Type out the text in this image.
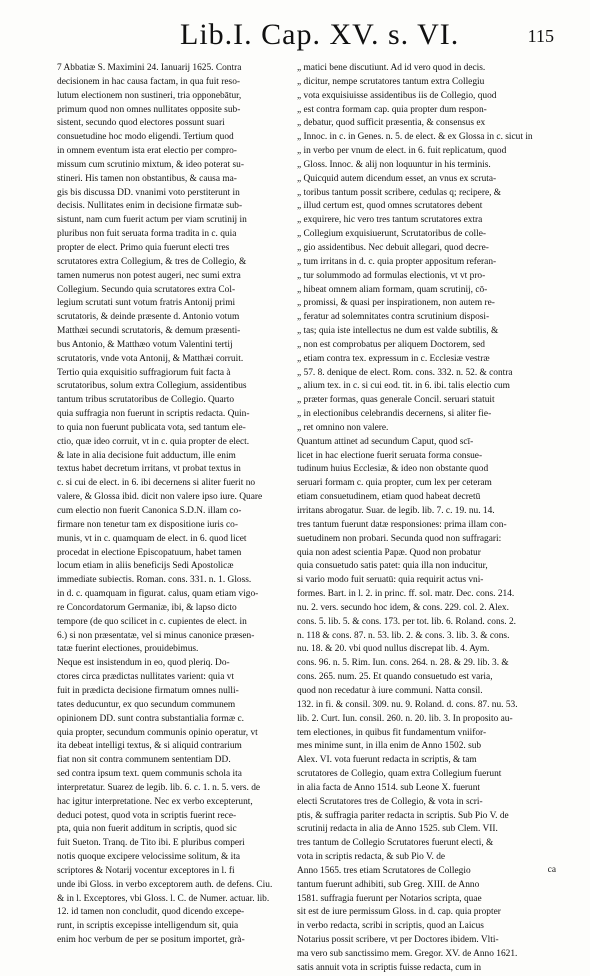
Lib.I. Cap. XV. s. VI.	115
7 Abbatiæ S. Maximini 24. Ianuarij 1625. Contra
decisionem in hac causa factam, in qua fuit reso-
lutum electionem non sustineri, tria opponebātur,
primum quod non omnes nullitates opposite sub-
sistent, secundo quod electores possunt suari
consuetudine hoc modo eligendi. Tertium quod
in omnem eventum ista erat electio per compro-
missum cum scrutinio mixtum, & ideo poterat su-
stineri. His tamen non obstantibus, & causa ma-
gis bis discussa DD. vnanimi voto perstiterunt in
decisis. Nullitates enim in decisione firmatæ sub-
sistunt, nam cum fuerit actum per viam scrutinij in
pluribus non fuit seruata forma tradita in c. quia
propter de elect. Primo quia fuerunt electi tres
scrutatores extra Collegium, & tres de Collegio, &
tamen numerus non potest augeri, nec sumi extra
Collegium. Secundo quia scrutatores extra Col-
legium scrutati sunt votum fratris Antonij primi
scrutatoris, & deinde præsente d. Antonio votum
Matthæi secundi scrutatoris, & demum præsenti-
bus Antonio, & Matthæo votum Valentini tertij
scrutatoris, vnde vota Antonij, & Matthæi corruit.
Tertio quia exquisitio suffragiorum fuit facta à
scrutatoribus, solum extra Collegium, assidentibus
tantum tribus scrutatoribus de Collegio. Quarto
quia suffragia non fuerunt in scriptis redacta. Quin-
to quia non fuerunt publicata vota, sed tantum ele-
ctio, quæ ideo corruit, vt in c. quia propter de elect.
& late in alia decisione fuit adductum, ille enim
textus habet decretum irritans, vt probat textus in
c. si cui de elect. in 6. ibi decernens si aliter fuerit no
valere, & Glossa ibid. dicit non valere ipso iure. Quare
cum electio non fuerit Canonica S.D.N. illam co-
firmare non tenetur tam ex dispositione iuris co-
munis, vt in c. quamquam de elect. in 6. quod licet
procedat in electione Episcopatuum, habet tamen
locum etiam in aliis beneficijs Sedi Apostolicæ
immediate subiectis. Roman. cons. 331. n. 1. Gloss.
in d. c. quamquam in figurat. calus, quam etiam vigo-
re Concordatorum Germaniæ, ibi, & lapso dicto
tempore (de quo scilicet in c. cupientes de elect. in
6.) si non præsentatæ, vel si minus canonice præsen-
tatæ fuerint electiones, prouidebimus.
Neque est insistendum in eo, quod pleriq. Do-
ctores circa prædictas nullitates varient: quia vt
fuit in prædicta decisione firmatum omnes nulli-
tates deducuntur, ex quo secundum communem
opinionem DD. sunt contra substantialia formæ c.
quia propter, secundum communis opinio operatur, vt
ita debeat intelligi textus, & si aliquid contrarium
fiat non sit contra communem sententiam DD.
sed contra ipsum text. quem communis schola ita
interpretatur. Suarez de legib. lib. 6. c. 1. n. 5. vers. de
hac igitur interpretatione. Nec ex verbo excepterunt,
deduci potest, quod vota in scriptis fuerint rece-
pta, quia non fuerit additum in scriptis, quod sic
fuit Sueton. Tranq. de Tito ibi. E pluribus comperi
notis quoque excipere velocissime solitum, & ita
scriptores & Notarij vocentur exceptores in l. fi
unde ibi Gloss. in verbo exceptorem auth. de defens. Ciu.
& in l. Exceptores, vbi Gloss. l. C. de Numer. actuar. lib.
12. id tamen non concludit, quod dicendo excepe-
runt, in scriptis excepisse intelligendum sit, quia
enim hoc verbum de per se positum importet, grà-
„ matici bene discutiunt. Ad id vero quod in decis.
„ dicitur, nempe scrutatores tantum extra Collegiu
„ vota exquisiuisse assidentibus iis de Collegio, quod
„ est contra formam cap. quia propter dum respon-
„ debatur, quod sufficit præsentia, & consensus ex
„ Innoc. in c. in Genes. n. 5. de elect. & ex Glossa in c. sicut in
„ in verbo per vnum de elect. in 6. fuit replicatum, quod
„ Gloss. Innoc. & alij non loquuntur in his terminis.
„ Quicquid autem dicendum esset, an vnus ex scruta-
„ toribus tantum possit scribere, cedulas q; recipere, &
„ illud certum est, quod omnes scrutatores debent
„ exquirere, hic vero tres tantum scrutatores extra
„ Collegium exquisiuerunt, Scrutatoribus de colle-
„ gio assidentibus. Nec debuit allegari, quod decre-
„ tum irritans in d. c. quia propter appositum referan-
„ tur solummodo ad formulas electionis, vt vt pro-
„ hibeat omnem aliam formam, quam scrutinij, cō-
„ promissi, & quasi per inspirationem, non autem re-
„ feratur ad solemnitates contra scrutinium disposi-
„ tas; quia iste intellectus ne dum est valde subtilis, &
„ non est comprobatus per aliquem Doctorem, sed
„ etiam contra tex. expressum in c. Ecclesiæ vestræ
„ 57. 8. denique de elect. Rom. cons. 332. n. 52. & contra
„ alium tex. in c. si cui eod. tit. in 6. ibi. talis electio cum
„ præter formas, quas generale Concil. seruari statuit
„ in electionibus celebrandis decernens, si aliter fie-
„ ret omnino non valere.
Quantum attinet ad secundum Caput, quod scī-
licet in hac electione fuerit seruata forma consue-
tudinum huius Ecclesiæ, & ideo non obstante quod
seruari formam c. quia propter, cum lex per ceteram
etiam consuetudinem, etiam quod habeat decretū
irritans abrogatur. Suar. de legib. lib. 7. c. 19. nu. 14.
tres tantum fuerunt datæ responsiones: prima illam con-
suetudinem non probari. Secunda quod non suffragari:
quia non adest scientia Papæ. Quod non probatur
quia consuetudo satis patet: quia illa non inducitur,
si vario modo fuit seruatū: quia requirit actus vni-
formes. Bart. in l. 2. in princ. ff. sol. matr. Dec. cons. 214.
nu. 2. vers. secundo hoc idem, & cons. 229. col. 2. Alex.
cons. 5. lib. 5. & cons. 173. per tot. lib. 6. Roland. cons. 2.
n. 118 & cons. 87. n. 53. lib. 2. & cons. 3. lib. 3. & cons.
nu. 18. & 20. vbi quod nullus discrepat lib. 4. Aym.
cons. 96. n. 5. Rim. Iun. cons. 264. n. 28. & 29. lib. 3. &
cons. 265. num. 25. Et quando consuetudo est varia,
quod non recedatur à iure communi. Natta consil.
132. in fi. & consil. 309. nu. 9. Roland. d. cons. 87. nu. 53.
lib. 2. Curt. Iun. consil. 260. n. 20. lib. 3. In proposito au-
tem electiones, in quibus fit fundamentum vniifor-
mes minime sunt, in illa enim de Anno 1502. sub
Alex. VI. vota fuerunt redacta in scriptis, & tam
scrutatores de Collegio, quam extra Collegium fuerunt
in alia facta de Anno 1514. sub Leone X. fuerunt
electi Scrutatores tres de Collegio, & vota in scri-
ptis, & suffragia pariter redacta in scriptis. Sub Pio V. de
scrutinij redacta in alia de Anno 1525. sub Clem. VII.
tres tantum de Collegio Scrutatores fuerunt electi, &
vota in scriptis redacta, & sub Pio V. de
Anno 1565. tres etiam Scrutatores de Collegio
tantum fuerunt adhibiti, sub Greg. XIII. de Anno
1581. suffragia fuerunt per Notarios scripta, quae
sit est de iure permissum Gloss. in d. cap. quia propter
in verbo redacta, scribi in scriptis, quod an Laicus
Notarius possit scribere, vt per Doctores ibidem. Vlti-
ma vero sub sanctissimo mem. Gregor. XV. de Anno 1621.
satis annuit vota in scriptis fuisse redacta, cum in
ca
